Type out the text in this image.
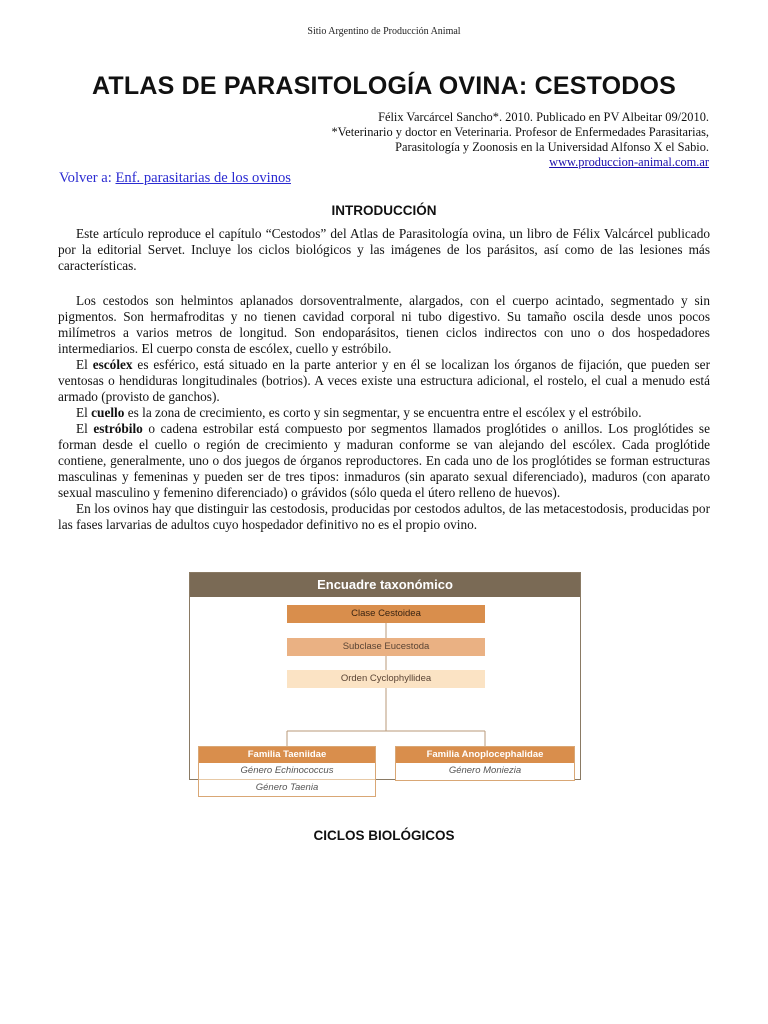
Sitio Argentino de Producción Animal
ATLAS DE PARASITOLOGÍA OVINA: CESTODOS
Félix Varcárcel Sancho*. 2010. Publicado en PV Albeitar 09/2010.
*Veterinario y doctor en Veterinaria. Profesor de Enfermedades Parasitarias,
Parasitología y Zoonosis en la Universidad Alfonso X el Sabio.
www.produccion-animal.com.ar
Volver a: Enf. parasitarias de los ovinos
INTRODUCCIÓN

Este artículo reproduce el capítulo “Cestodos” del Atlas de Parasitología ovina, un libro de Félix Valcárcel publicado por la editorial Servet. Incluye los ciclos biológicos y las imágenes de los parásitos, así como de las lesiones más características.

Los cestodos son helmintos aplanados dorsoventralmente, alargados, con el cuerpo acintado, segmentado y sin pigmentos. Son hermafroditas y no tienen cavidad corporal ni tubo digestivo. Su tamaño oscila desde unos pocos milímetros a varios metros de longitud. Son endoparásitos, tienen ciclos indirectos con uno o dos hospedadores intermediarios. El cuerpo consta de escólex, cuello y estróbilo.

El escólex es esférico, está situado en la parte anterior y en él se localizan los órganos de fijación, que pueden ser ventosas o hendiduras longitudinales (botrios). A veces existe una estructura adicional, el rostelo, el cual a menudo está armado (provisto de ganchos).

El cuello es la zona de crecimiento, es corto y sin segmentar, y se encuentra entre el escólex y el estróbilo.

El estróbilo o cadena estrobilar está compuesto por segmentos llamados proglótides o anillos. Los proglótides se forman desde el cuello o región de crecimiento y maduran conforme se van alejando del escólex. Cada proglótide contiene, generalmente, uno o dos juegos de órganos reproductores. En cada uno de los proglótides se forman estructuras masculinas y femeninas y pueden ser de tres tipos: inmaduros (sin aparato sexual diferenciado), maduros (con aparato sexual masculino y femenino diferenciado) o grávidos (sólo queda el útero relleno de huevos).

En los ovinos hay que distinguir las cestodosis, producidas por cestodos adultos, de las metacestodosis, producidas por las fases larvarias de adultos cuyo hospedador definitivo no es el propio ovino.

Encuadre taxonómico
Clase Cestoidea
Subclase Eucestoda
Orden Cyclophyllidea
Familia Taeniidae
Género Echinococcus
Género Taenia
Familia Anoplocephalidae
Género Moniezia
CICLOS BIOLÓGICOS
